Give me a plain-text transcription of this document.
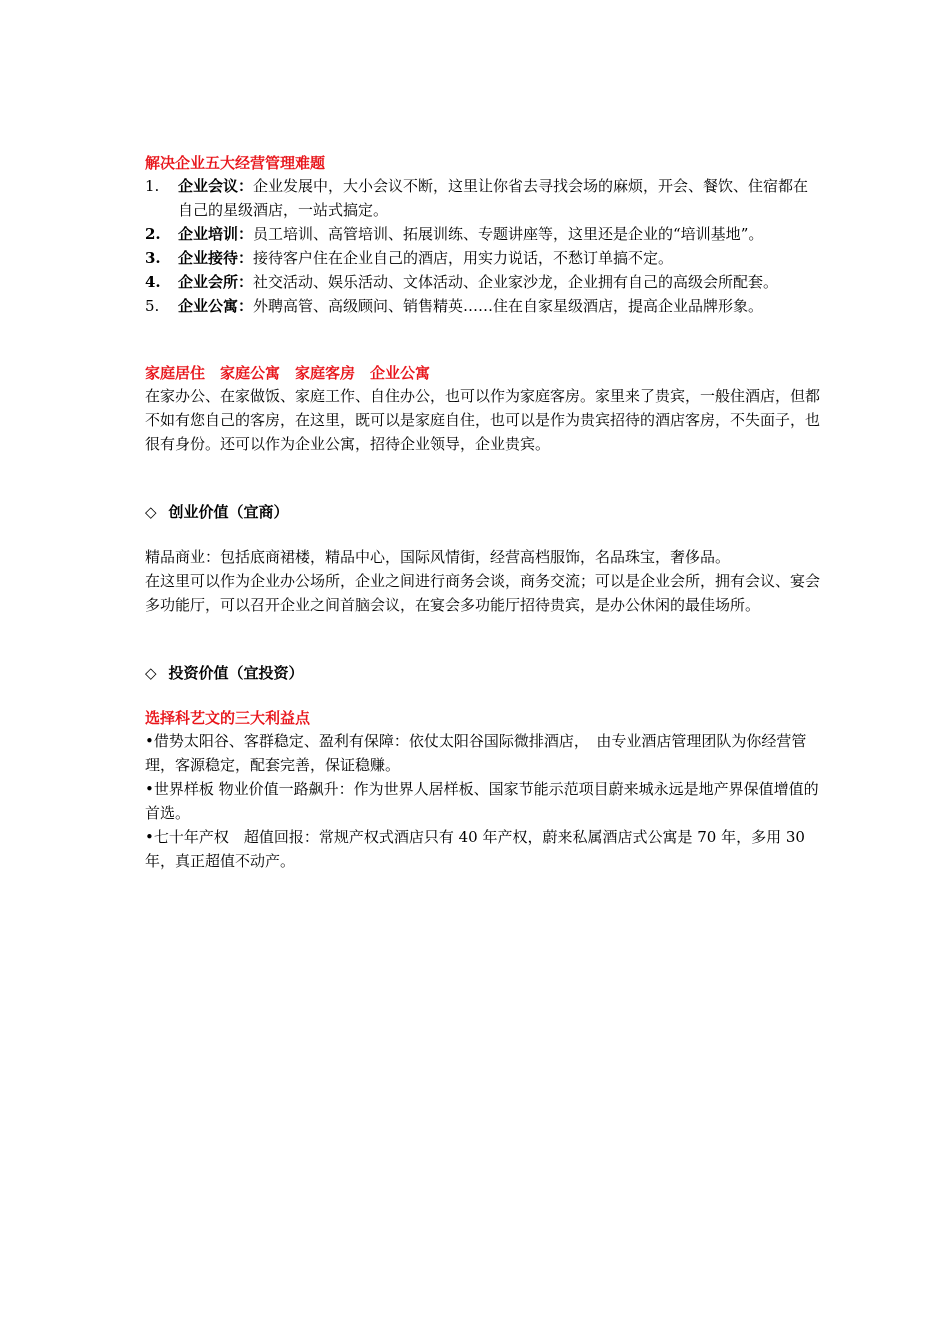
解决企业五大经营管理难题

1. 企业会议：企业发展中，大小会议不断，这里让你省去寻找会场的麻烦，开会、餐饮、住宿都在自己的星级酒店，一站式搞定。
2. 企业培训：员工培训、高管培训、拓展训练、专题讲座等，这里还是企业的“培训基地”。
3. 企业接待：接待客户住在企业自己的酒店，用实力说话，不愁订单搞不定。
4. 企业会所：社交活动、娱乐活动、文体活动、企业家沙龙，企业拥有自己的高级会所配套。
5. 企业公寓：外聘高管、高级顾问、销售精英……住在自家星级酒店，提高企业品牌形象。

家庭居住　家庭公寓　家庭客房　企业公寓

在家办公、在家做饭、家庭工作、自住办公，也可以作为家庭客房。家里来了贵宾，一般住酒店，但都不如有您自己的客房，在这里，既可以是家庭自住，也可以是作为贵宾招待的酒店客房，不失面子，也很有身份。还可以作为企业公寓，招待企业领导，企业贵宾。

◇ 创业价值（宜商）

精品商业：包括底商裙楼，精品中心，国际风情街，经营高档服饰，名品珠宝，奢侈品。

在这里可以作为企业办公场所，企业之间进行商务会谈，商务交流；可以是企业会所，拥有会议、宴会多功能厅，可以召开企业之间首脑会议，在宴会多功能厅招待贵宾，是办公休闲的最佳场所。

◇ 投资价值（宜投资）

选择科艺文的三大利益点

•借势太阳谷、客群稳定、盈利有保障：依仗太阳谷国际微排酒店，　由专业酒店管理团队为你经营管理，客源稳定，配套完善，保证稳赚。

•世界样板 物业价值一路飙升：作为世界人居样板、国家节能示范项目蔚来城永远是地产界保值增值的首选。

•七十年产权　超值回报：常规产权式酒店只有 40 年产权，蔚来私属酒店式公寓是 70 年，多用 30 年，真正超值不动产。
